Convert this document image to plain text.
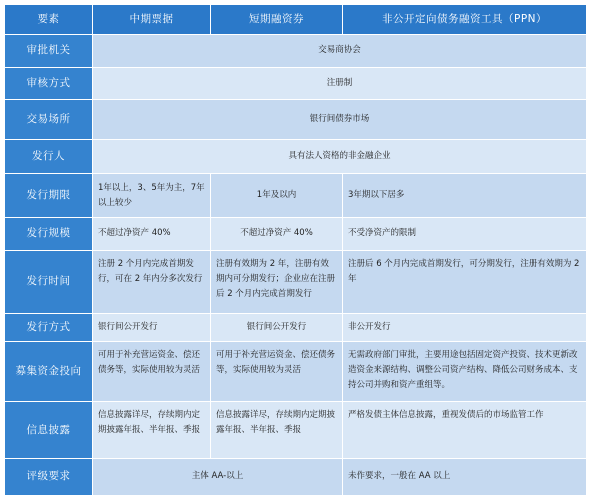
要素	中期票据	短期融资券	非公开定向债务融资工具（PPN）
审批机关	交易商协会		
审核方式	注册制		
交易场所	银行间债券市场		
发行人	具有法人资格的非金融企业		
发行期限	1年以上，3、5年为主，7年以上较少	1年及以内	3年期以下居多
发行规模	不超过净资产 40%	不超过净资产 40%	不受净资产的限制
发行时间	注册 2 个月内完成首期发行，可在 2 年内分多次发行	注册有效期为 2 年，注册有效期内可分期发行；企业应在注册后 2 个月内完成首期发行	注册后 6 个月内完成首期发行，可分期发行，注册有效期为 2 年
发行方式	银行间公开发行	银行间公开发行	非公开发行
募集资金投向	可用于补充营运资金、偿还债务等，实际使用较为灵活	可用于补充营运资金、偿还债务等，实际使用较为灵活	无需政府部门审批，主要用途包括固定资产投资、技术更新改造资金来源结构、调整公司资产结构、降低公司财务成本、支持公司并购和资产重组等。
信息披露	信息披露详尽，存续期内定期披露年报、半年报、季报	信息披露详尽，存续期内定期披露年报、半年报、季报	严格发债主体信息披露，重视发债后的市场监管工作
评级要求	主体 AA-以上		未作要求，一般在 AA 以上
